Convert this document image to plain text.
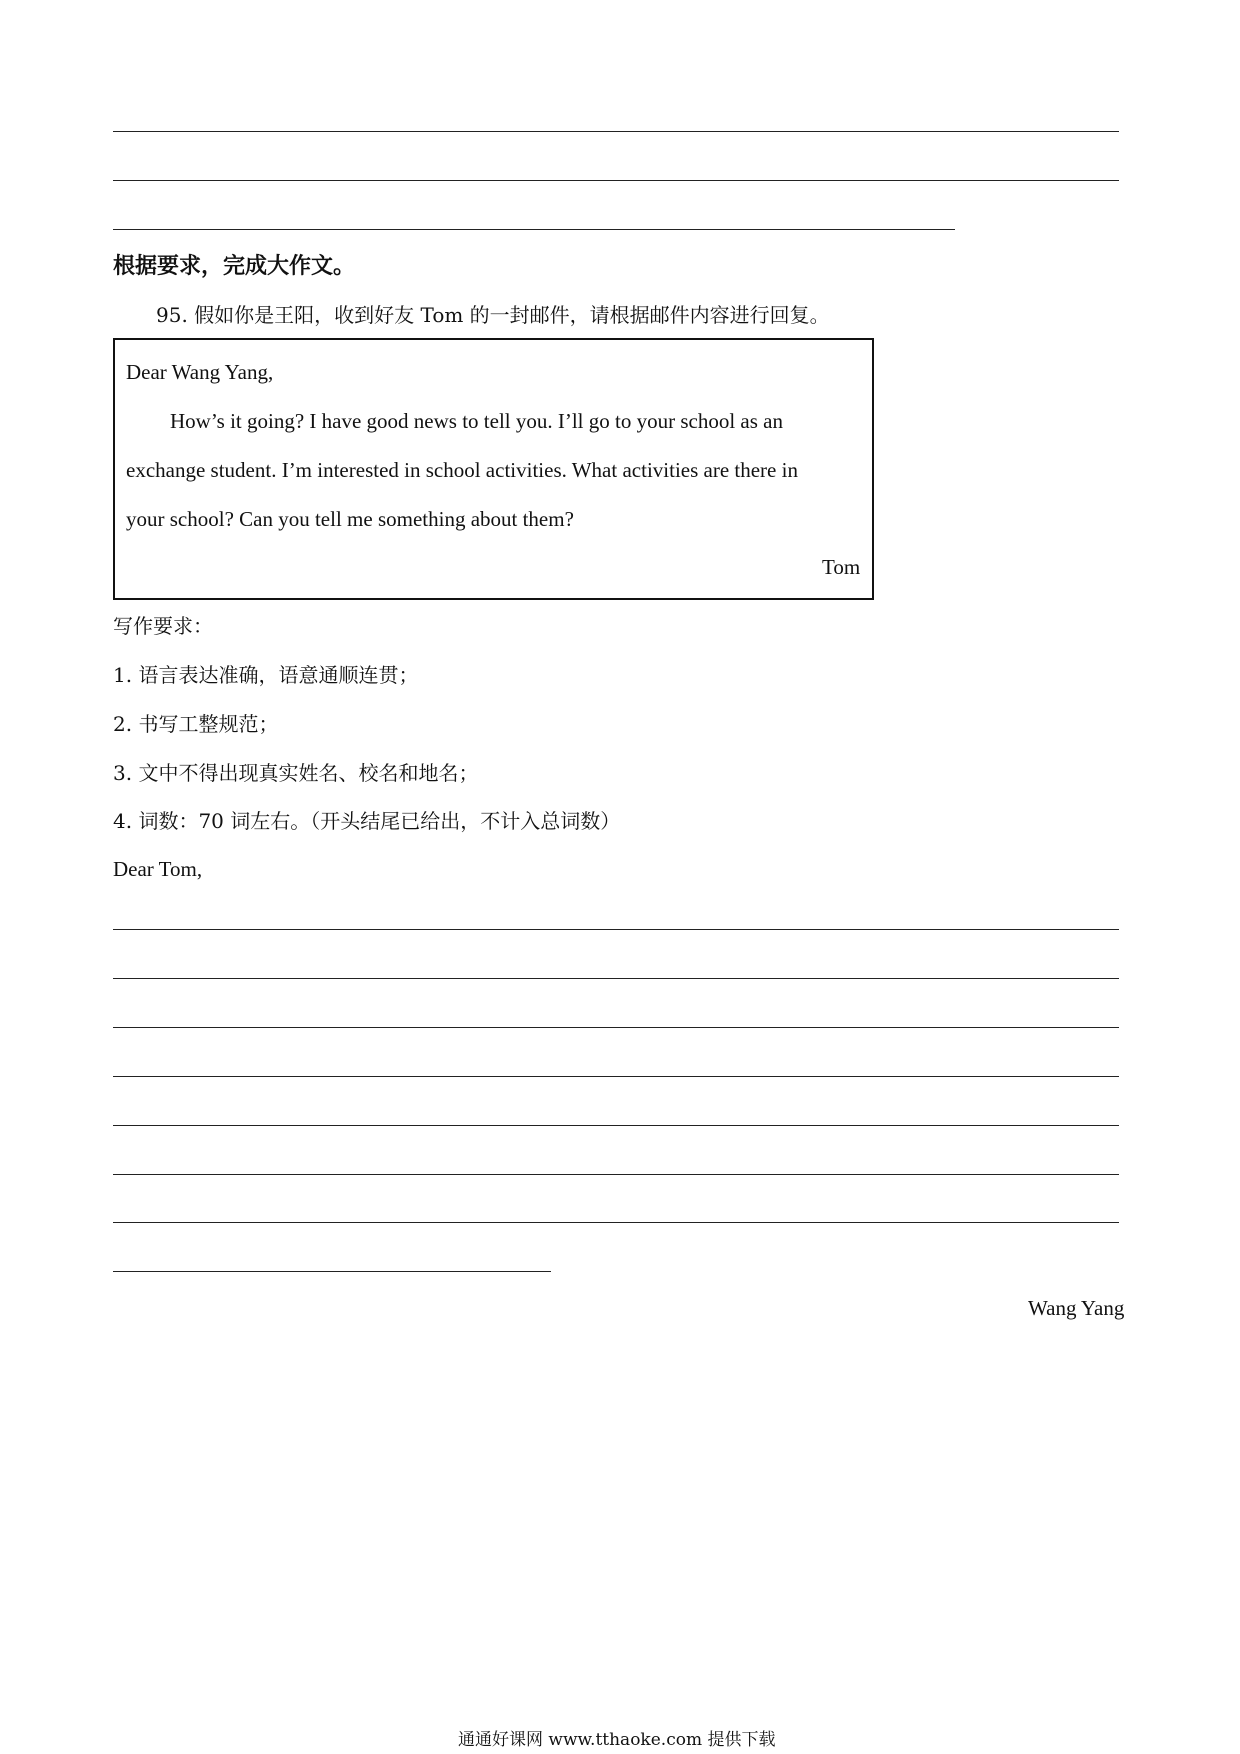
根据要求，完成大作文。
95. 假如你是王阳，收到好友 Tom 的一封邮件，请根据邮件内容进行回复。
Dear Wang Yang,
How’s it going? I have good news to tell you. I’ll go to your school as an
exchange student. I’m interested in school activities. What activities are there in
your school? Can you tell me something about them?
Tom
写作要求：
1. 语言表达准确，语意通顺连贯；
2. 书写工整规范；
3. 文中不得出现真实姓名、校名和地名；
4. 词数：70 词左右。（开头结尾已给出，不计入总词数）
Dear Tom,
Wang Yang
通通好课网 www.tthaoke.com 提供下载
